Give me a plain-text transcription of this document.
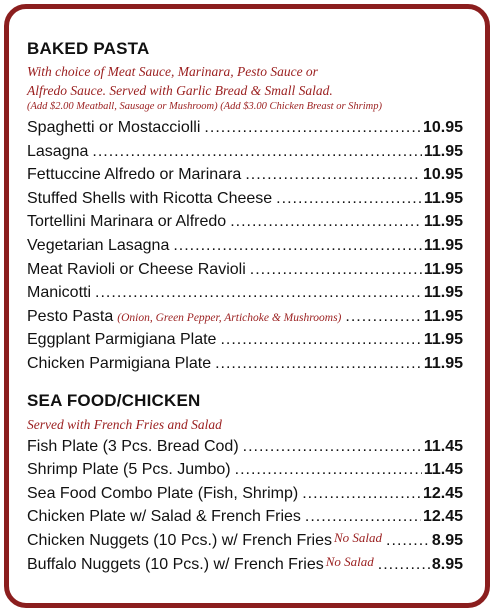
BAKED PASTA
With choice of Meat Sauce, Marinara, Pesto Sauce or
Alfredo Sauce. Served with Garlic Bread & Small Salad.
(Add $2.00 Meatball, Sausage or Mushroom) (Add $3.00 Chicken Breast or Shrimp)
Spaghetti or Mostacciolli .....	10.95
Lasagna .....	11.95
Fettuccine Alfredo or Marinara .....	10.95
Stuffed Shells with Ricotta Cheese .....	11.95
Tortellini Marinara or Alfredo .....	11.95
Vegetarian Lasagna .....	11.95
Meat Ravioli or Cheese Ravioli .....	11.95
Manicotti .....	11.95
Pesto Pasta (Onion, Green Pepper, Artichoke & Mushrooms) .....	11.95
Eggplant Parmigiana Plate .....	11.95
Chicken Parmigiana Plate .....	11.95
SEA FOOD/CHICKEN
Served with French Fries and Salad
Fish Plate (3 Pcs. Bread Cod) .....	11.45
Shrimp Plate (5 Pcs. Jumbo) .....	11.45
Sea Food Combo Plate (Fish, Shrimp) .....	12.45
Chicken Plate w/ Salad & French Fries .....	12.45
Chicken Nuggets (10 Pcs.) w/ French Fries No Salad .....	8.95
Buffalo Nuggets (10 Pcs.) w/ French Fries No Salad .....	8.95
